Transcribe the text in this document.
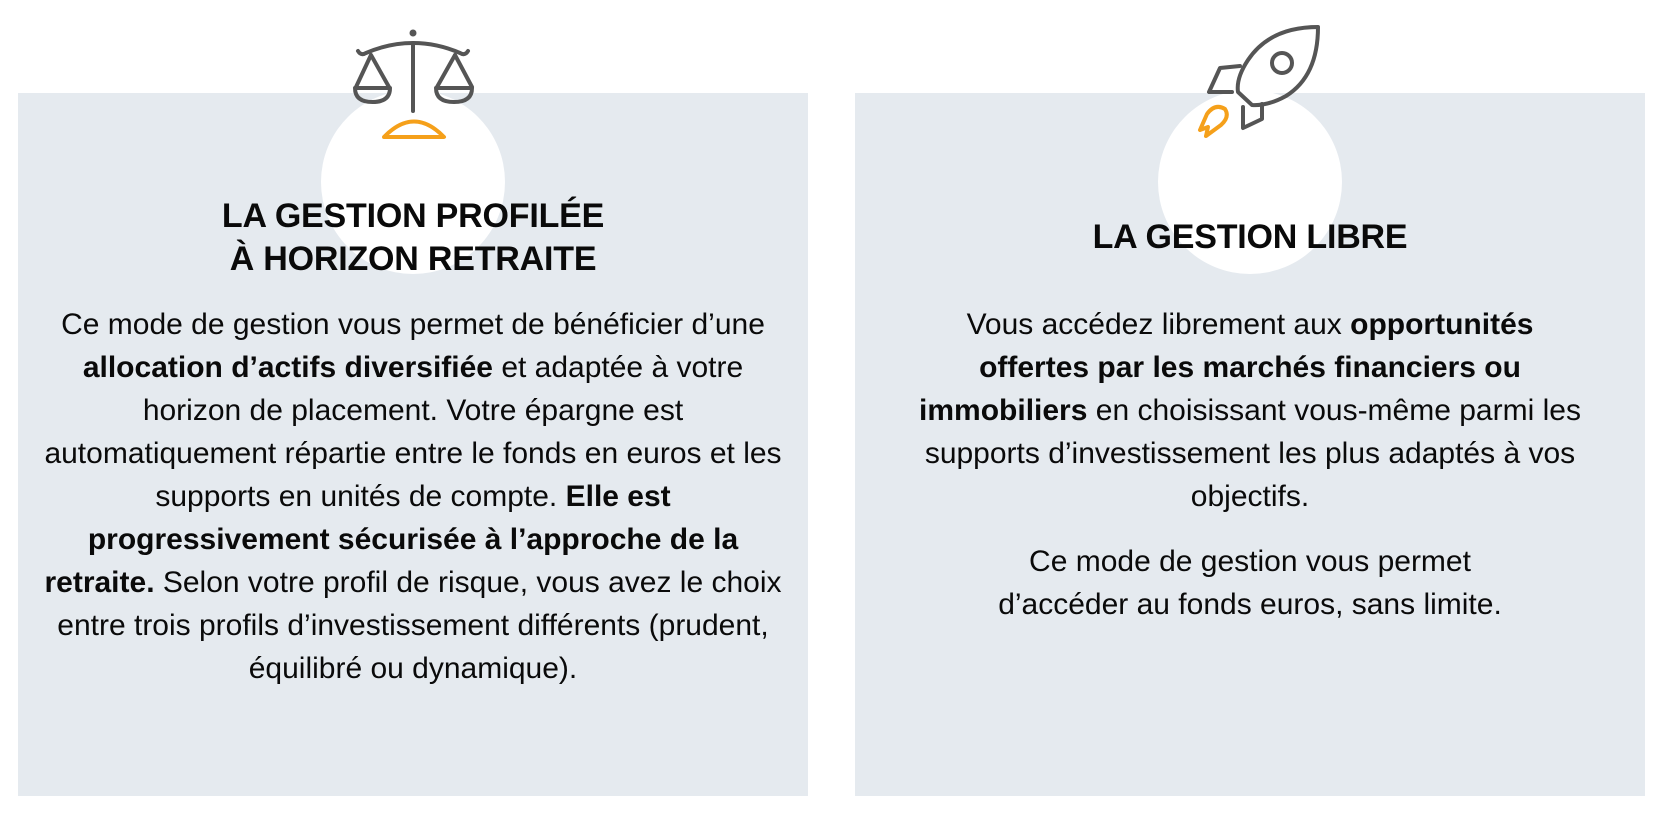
LA GESTION PROFILÉE
À HORIZON RETRAITE

Ce mode de gestion vous permet de bénéficier d’une allocation d’actifs diversifiée et adaptée à votre horizon de placement. Votre épargne est automatiquement répartie entre le fonds en euros et les supports en unités de compte. Elle est progressivement sécurisée à l’approche de la retraite. Selon votre profil de risque, vous avez le choix entre trois profils d’investissement différents (prudent, équilibré ou dynamique).

LA GESTION LIBRE

Vous accédez librement aux opportunités offertes par les marchés financiers ou immobiliers en choisissant vous-même parmi les supports d’investissement les plus adaptés à vos objectifs.

Ce mode de gestion vous permet d’accéder au fonds euros, sans limite.
